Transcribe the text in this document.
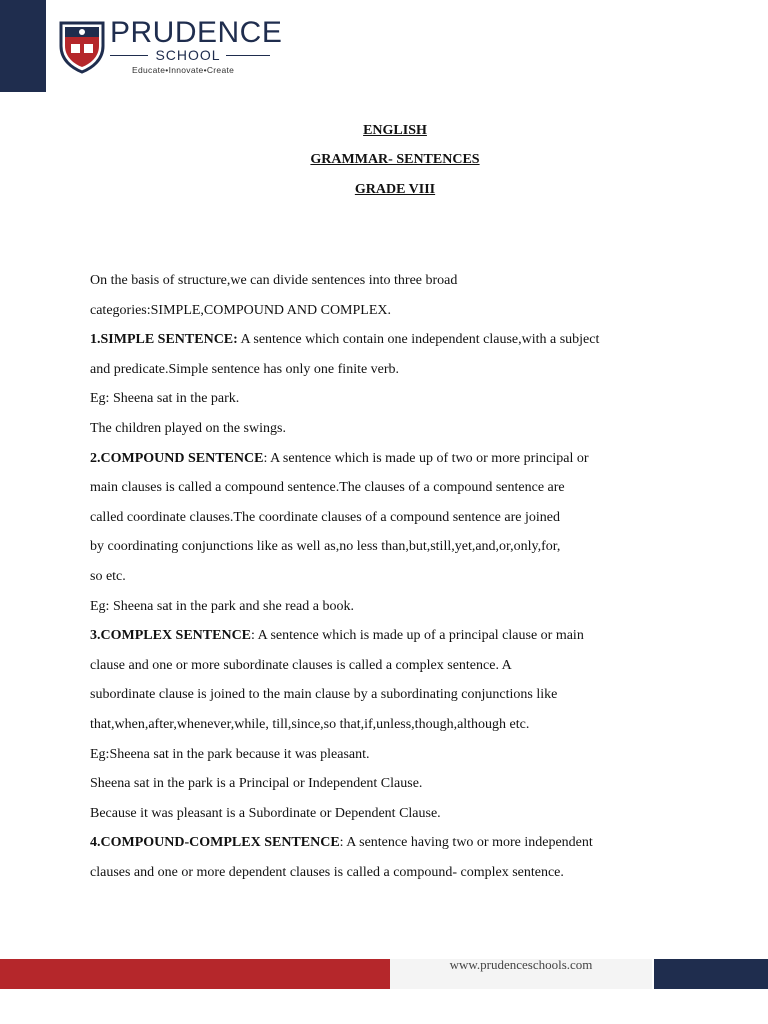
PRUDENCE
SCHOOL
Educate•Innovate•Create
ENGLISH
GRAMMAR- SENTENCES
GRADE VIII
On the basis of structure,we can divide sentences into three broad
categories:SIMPLE,COMPOUND AND COMPLEX.
1.SIMPLE SENTENCE: A sentence which contain one independent clause,with a subject
and predicate.Simple sentence has only one finite verb.
Eg: Sheena sat in the park.
The children played on the swings.
2.COMPOUND SENTENCE: A sentence which is made up of two or more principal or
main clauses is called a compound sentence.The clauses of a compound sentence are
called coordinate clauses.The coordinate clauses of a compound sentence are joined
by coordinating conjunctions like as well as,no less than,but,still,yet,and,or,only,for,
so etc.
Eg: Sheena sat in the park and she read a book.
3.COMPLEX SENTENCE: A sentence which is made up of a principal clause or main
clause and one or more subordinate clauses is called a complex sentence. A
subordinate clause is joined to the main clause by a subordinating conjunctions like
that,when,after,whenever,while, till,since,so that,if,unless,though,although etc.
Eg:Sheena sat in the park because it was pleasant.
Sheena sat in the park is a Principal or Independent Clause.
Because it was pleasant is a Subordinate or Dependent Clause.
4.COMPOUND-COMPLEX SENTENCE: A sentence having two or more independent
clauses and one or more dependent clauses is called a compound- complex sentence.
www.prudenceschools.com
